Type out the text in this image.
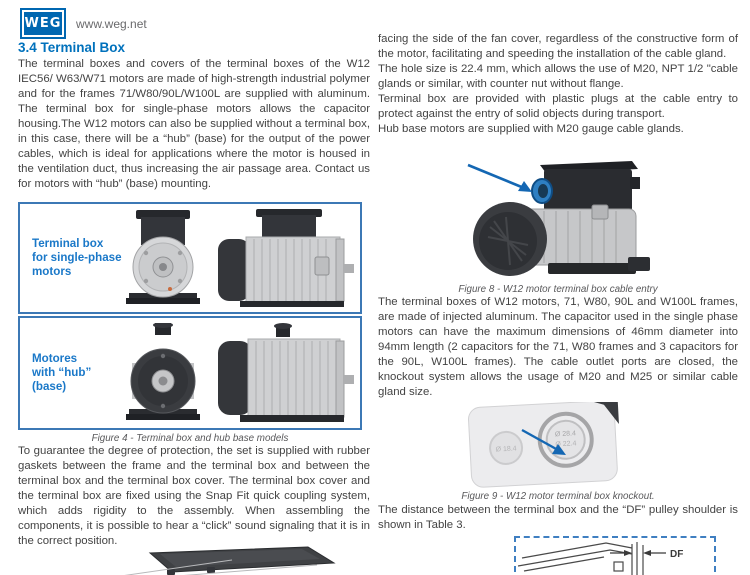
WEG www.weg.net
3.4 Terminal Box

The terminal boxes and covers of the terminal boxes of the W12 IEC56/ W63/W71 motors are made of high-strength industrial polymer and for the frames 71/W80/90L/W100L are supplied with aluminum. The terminal box for single-phase motors allows the capacitor housing.The W12 motors can also be supplied without a terminal box, in this case, there will be a “hub” (base) for the output of the power cables, which is ideal for applications where the motor is housed in the ventilation duct, thus increasing the air passage area. Contact us for motors with “hub” (base) mounting.

Terminal box
for single-phase
motors
Motores
with “hub”
(base)
Figure 4 - Terminal box and hub base models

To guarantee the degree of protection, the set is supplied with rubber gaskets between the frame and the terminal box and between the terminal box and the terminal box cover. The terminal box cover and the terminal box are fixed using the Snap Fit quick coupling system, which adds rigidity to the assembly. When assembling the components, it is possible to hear a “click” sound signaling that it is in the correct position.

facing the side of the fan cover, regardless of the constructive form of the motor, facilitating and speeding the installation of the cable gland.

The hole size is 22.4 mm, which allows the use of M20, NPT 1/2 "cable glands or similar, with counter nut without flange.

Terminal box are provided with plastic plugs at the cable entry to protect against the entry of solid objects during transport.

Hub base motors are supplied with M20 gauge cable glands.

Figure 8 - W12 motor terminal box cable entry

The terminal boxes of W12 motors, 71, W80, 90L and W100L frames, are made of injected aluminum. The capacitor used in the single phase motors can have the maximum dimensions of 46mm diameter into 94mm length (2 capacitors for the 71, W80 frames and 3 capacitors for the 90L, W100L frames). The cable outlet ports are closed, the knockout system allows the usage of M20 and M25 or similar cable gland size.

Ø 18.4
Ø 28.4
Ø 22.4
Figure 9 - W12 motor terminal box knockout.

The distance between the terminal box and the “DF” pulley shoulder is shown in Table 3.

DF
